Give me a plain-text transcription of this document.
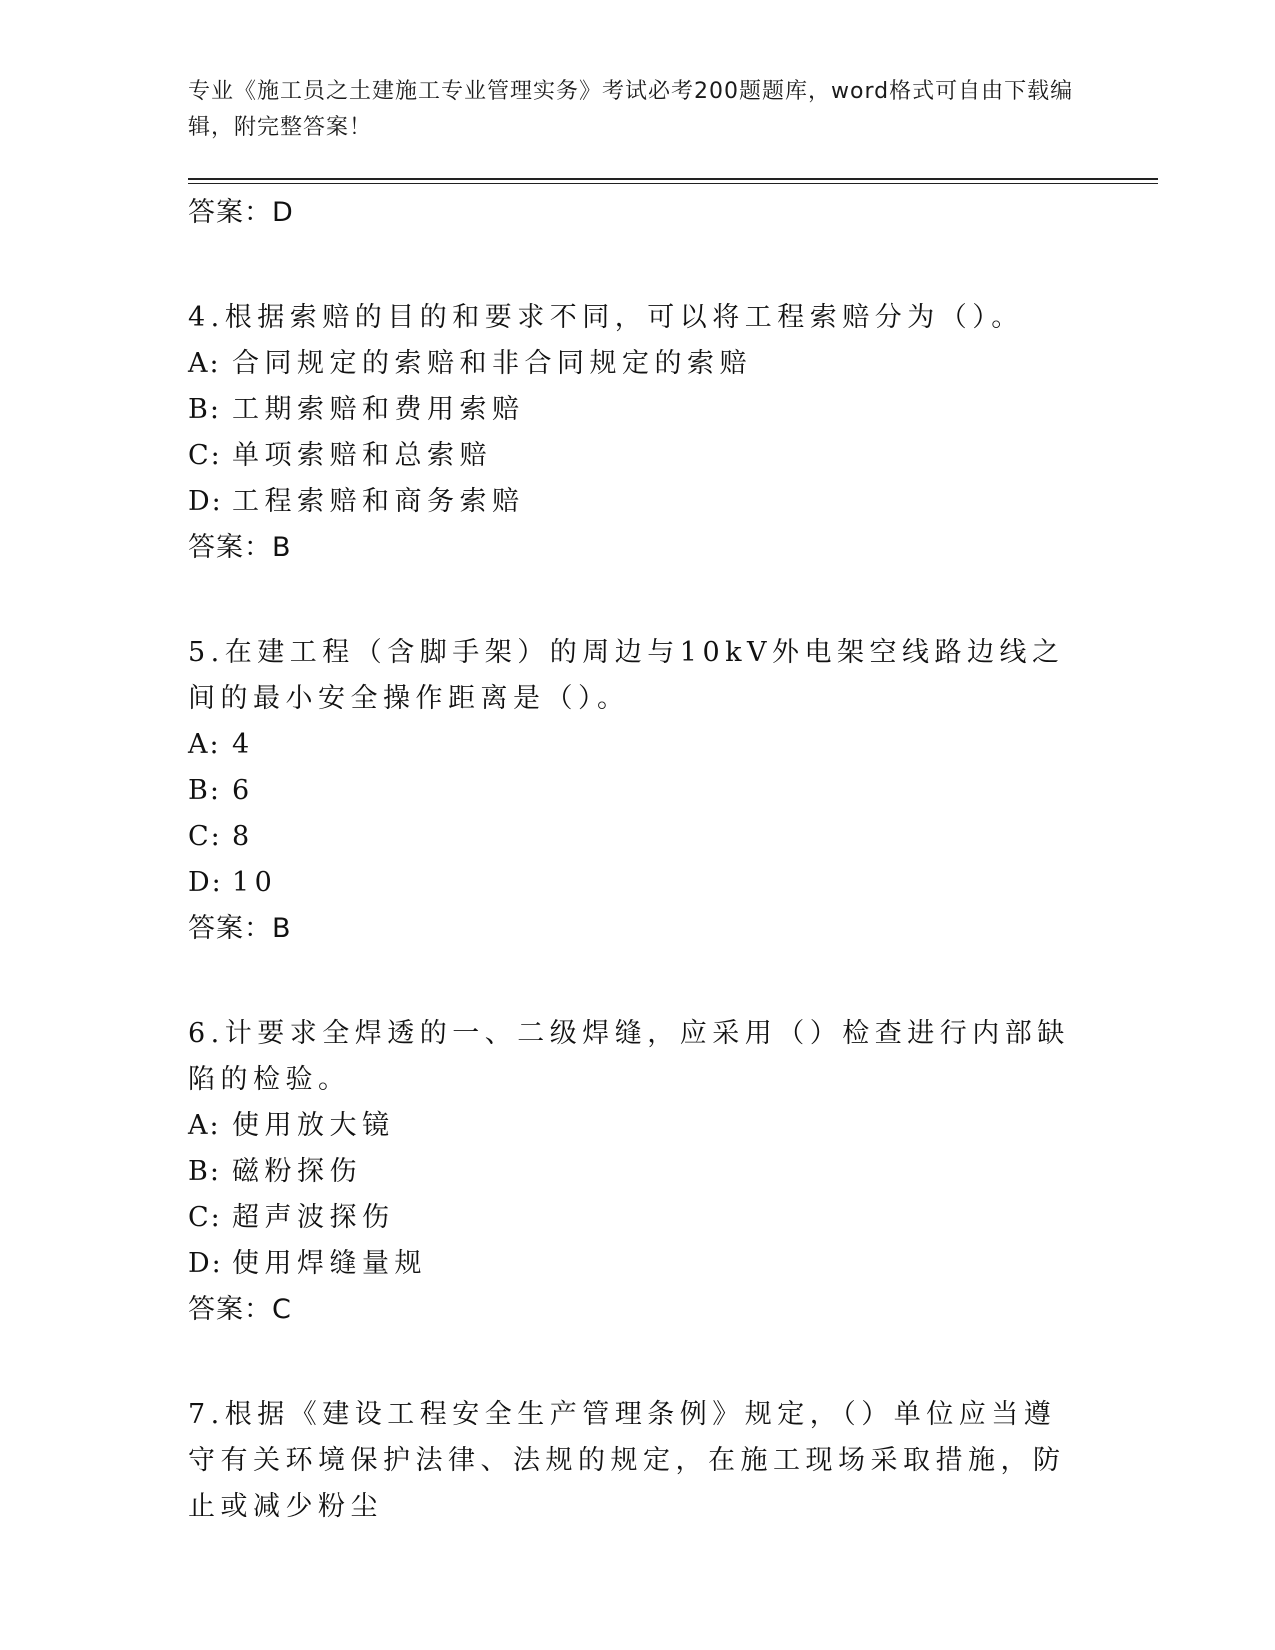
专业《施工员之土建施工专业管理实务》考试必考200题题库，word格式可自由下载编辑，附完整答案！
答案：D
4.根据索赔的目的和要求不同，可以将工程索赔分为（）。
A: 合同规定的索赔和非合同规定的索赔
B: 工期索赔和费用索赔
C: 单项索赔和总索赔
D: 工程索赔和商务索赔
答案：B
5.在建工程（含脚手架）的周边与10kV外电架空线路边线之间的最小安全操作距离是（）。
A: 4
B: 6
C: 8
D: 10
答案：B
6.计要求全焊透的一、二级焊缝，应采用（）检查进行内部缺陷的检验。
A: 使用放大镜
B: 磁粉探伤
C: 超声波探伤
D: 使用焊缝量规
答案：C
7.根据《建设工程安全生产管理条例》规定，（）单位应当遵守有关环境保护法律、法规的规定，在施工现场采取措施，防止或减少粉尘
